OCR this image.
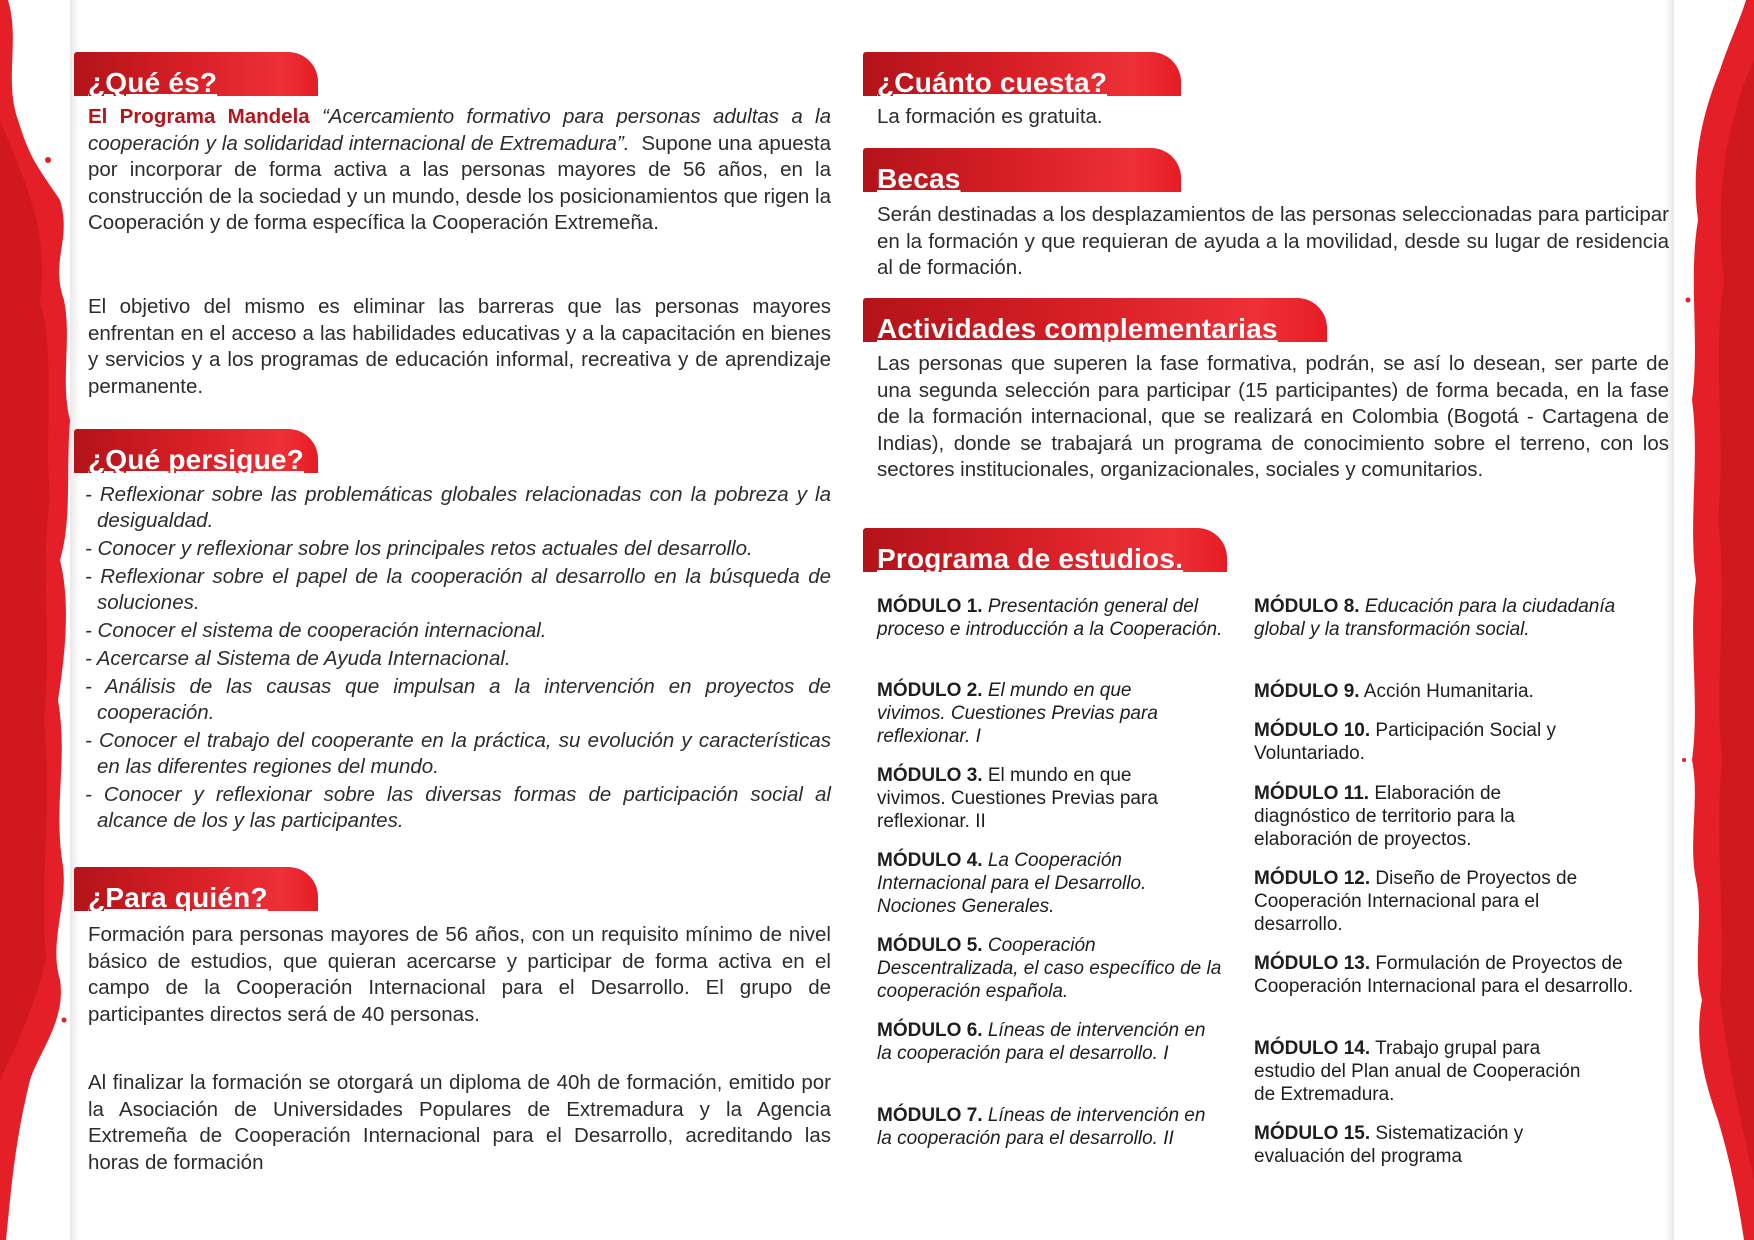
¿Qué és?

El Programa Mandela “Acercamiento formativo para personas adultas a la cooperación y la solidaridad internacional de Extremadura”. Supone una apuesta por incorporar de forma activa a las personas mayores de 56 años, en la construcción de la sociedad y un mundo, desde los posicionamientos que rigen la Cooperación y de forma específica la Cooperación Extremeña.

El objetivo del mismo es eliminar las barreras que las personas mayores enfrentan en el acceso a las habilidades educativas y a la capacitación en bienes y servicios y a los programas de educación informal, recreativa y de aprendizaje permanente.

¿Qué persigue?
- Reflexionar sobre las problemáticas globales relacionadas con la pobreza y la desigualdad.
- Conocer y reflexionar sobre los principales retos actuales del desarrollo.
- Reflexionar sobre el papel de la cooperación al desarrollo en la búsqueda de soluciones.
- Conocer el sistema de cooperación internacional.
- Acercarse al Sistema de Ayuda Internacional.
- Análisis de las causas que impulsan a la intervención en proyectos de cooperación.
- Conocer el trabajo del cooperante en la práctica, su evolución y características en las diferentes regiones del mundo.
- Conocer y reflexionar sobre las diversas formas de participación social al alcance de los y las participantes.
¿Para quién?

Formación para personas mayores de 56 años, con un requisito mínimo de nivel básico de estudios, que quieran acercarse y participar de forma activa en el campo de la Cooperación Internacional para el Desarrollo. El grupo de participantes directos será de 40 personas.

Al finalizar la formación se otorgará un diploma de 40h de formación, emitido por la Asociación de Universidades Populares de Extremadura y la Agencia Extremeña de Cooperación Internacional para el Desarrollo, acreditando las horas de formación

¿Cuánto cuesta?

La formación es gratuita.

Becas

Serán destinadas a los desplazamientos de las personas seleccionadas para participar en la formación y que requieran de ayuda a la movilidad, desde su lugar de residencia al de formación.

Actividades complementarias

Las personas que superen la fase formativa, podrán, se así lo desean, ser parte de una segunda selección para participar (15 participantes) de forma becada, en la fase de la formación internacional, que se realizará en Colombia (Bogotá - Cartagena de Indias), donde se trabajará un programa de conocimiento sobre el terreno, con los sectores institucionales, organizacionales, sociales y comunitarios.

Programa de estudios.
MÓDULO 1. Presentación general del proceso e introducción a la Cooperación.
MÓDULO 2. El mundo en que vivimos. Cuestiones Previas para reflexionar. I
MÓDULO 3. El mundo en que vivimos. Cuestiones Previas para reflexionar. II
MÓDULO 4. La Cooperación Internacional para el Desarrollo. Nociones Generales.
MÓDULO 5. Cooperación Descentralizada, el caso específico de la cooperación española.
MÓDULO 6. Líneas de intervención en la cooperación para el desarrollo. I
MÓDULO 7. Líneas de intervención en la cooperación para el desarrollo. II
MÓDULO 8. Educación para la ciudadanía global y la transformación social.
MÓDULO 9. Acción Humanitaria.
MÓDULO 10. Participación Social y Voluntariado.
MÓDULO 11. Elaboración de diagnóstico de territorio para la elaboración de proyectos.
MÓDULO 12. Diseño de Proyectos de Cooperación Internacional para el desarrollo.
MÓDULO 13. Formulación de Proyectos de Cooperación Internacional para el desarrollo.
MÓDULO 14. Trabajo grupal para estudio del Plan anual de Cooperación de Extremadura.
MÓDULO 15. Sistematización y evaluación del programa
